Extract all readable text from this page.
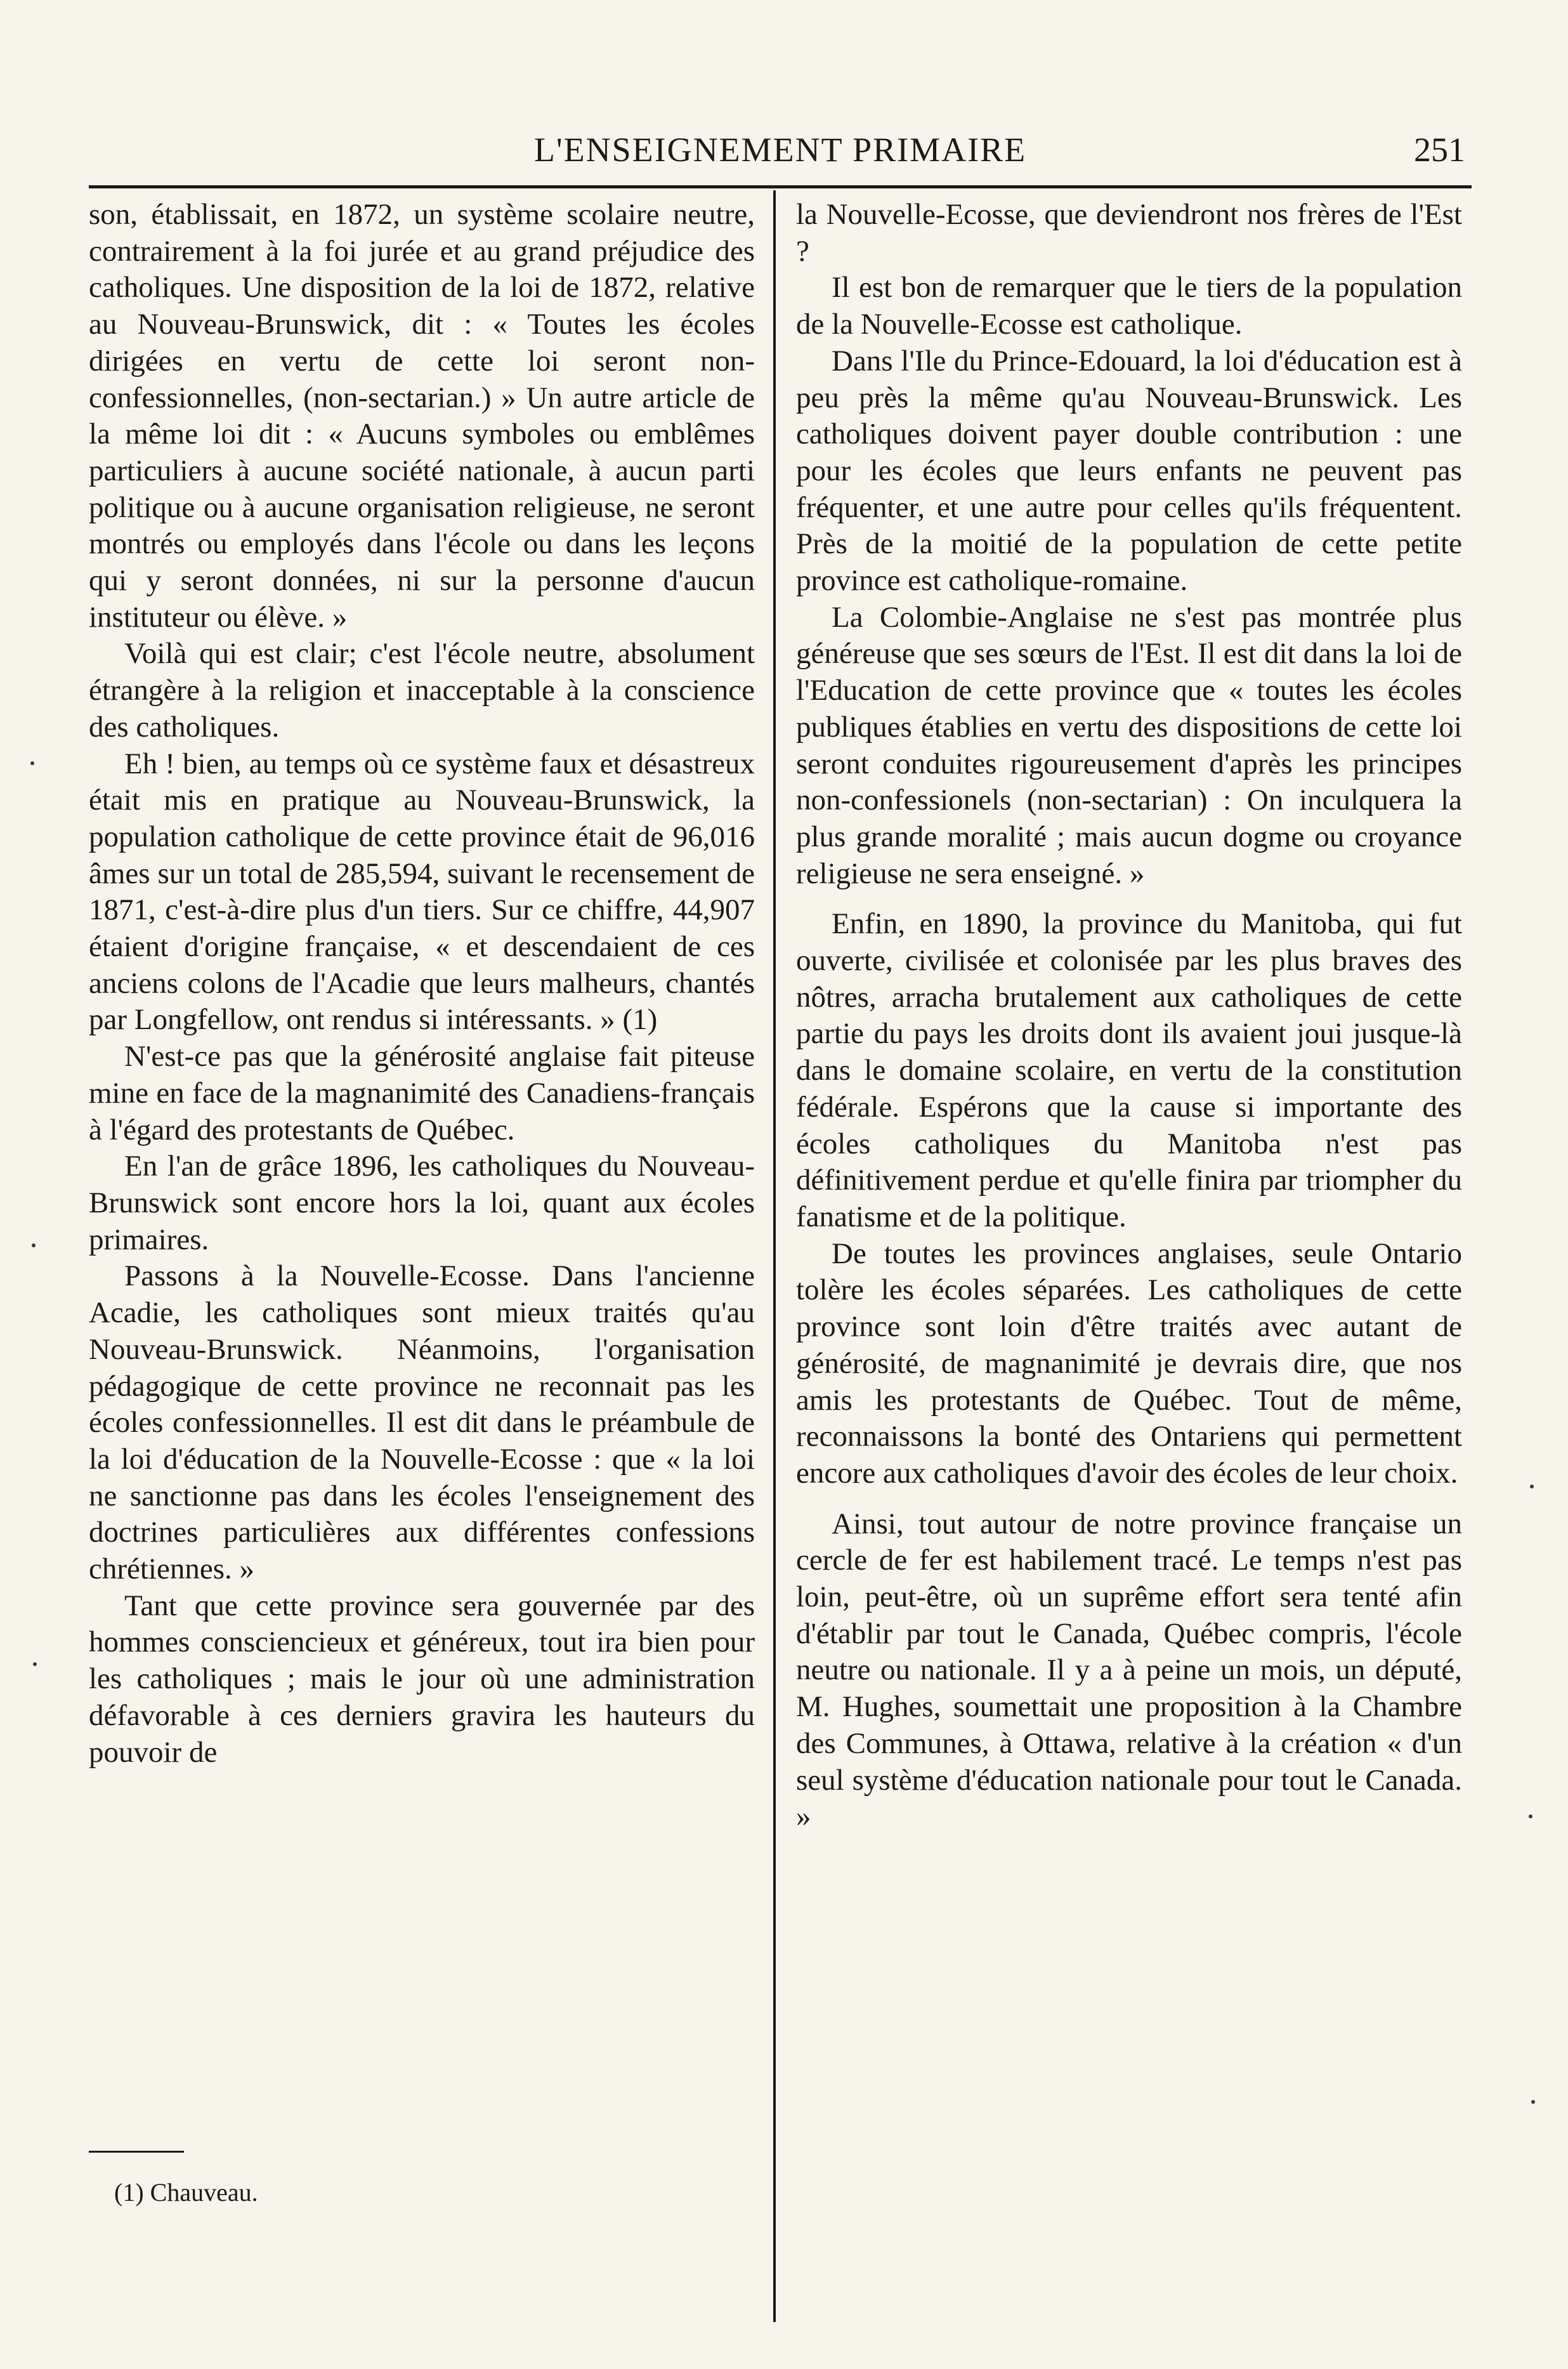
L'ENSEIGNEMENT PRIMAIRE	251

son, établissait, en 1872, un système scolaire neutre, contrairement à la foi jurée et au grand préjudice des catholiques. Une disposition de la loi de 1872, relative au Nouveau-Brunswick, dit : « Toutes les écoles dirigées en vertu de cette loi seront non-confessionnelles, (non-sectarian.) » Un autre article de la même loi dit : « Aucuns symboles ou emblêmes particuliers à aucune société nationale, à aucun parti politique ou à aucune organisation religieuse, ne seront montrés ou employés dans l'école ou dans les leçons qui y seront données, ni sur la personne d'aucun instituteur ou élève. »

Voilà qui est clair; c'est l'école neutre, absolument étrangère à la religion et inacceptable à la conscience des catholiques.

Eh ! bien, au temps où ce système faux et désastreux était mis en pratique au Nouveau-Brunswick, la population catholique de cette province était de 96,016 âmes sur un total de 285,594, suivant le recensement de 1871, c'est-à-dire plus d'un tiers. Sur ce chiffre, 44,907 étaient d'origine française, « et descendaient de ces anciens colons de l'Acadie que leurs malheurs, chantés par Longfellow, ont rendus si intéressants. » (1)

N'est-ce pas que la générosité anglaise fait piteuse mine en face de la magnanimité des Canadiens-français à l'égard des protestants de Québec.

En l'an de grâce 1896, les catholiques du Nouveau-Brunswick sont encore hors la loi, quant aux écoles primaires.

Passons à la Nouvelle-Ecosse. Dans l'ancienne Acadie, les catholiques sont mieux traités qu'au Nouveau-Brunswick. Néanmoins, l'organisation pédagogique de cette province ne reconnait pas les écoles confessionnelles. Il est dit dans le préambule de la loi d'éducation de la Nouvelle-Ecosse : que « la loi ne sanctionne pas dans les écoles l'enseignement des doctrines particulières aux différentes confessions chrétiennes. »

Tant que cette province sera gouvernée par des hommes consciencieux et généreux, tout ira bien pour les catholiques ; mais le jour où une administration défavorable à ces derniers gravira les hauteurs du pouvoir de

la Nouvelle-Ecosse, que deviendront nos frères de l'Est ?

Il est bon de remarquer que le tiers de la population de la Nouvelle-Ecosse est catholique.

Dans l'Ile du Prince-Edouard, la loi d'éducation est à peu près la même qu'au Nouveau-Brunswick. Les catholiques doivent payer double contribution : une pour les écoles que leurs enfants ne peuvent pas fréquenter, et une autre pour celles qu'ils fréquentent. Près de la moitié de la population de cette petite province est catholique-romaine.

La Colombie-Anglaise ne s'est pas montrée plus généreuse que ses sœurs de l'Est. Il est dit dans la loi de l'Education de cette province que « toutes les écoles publiques établies en vertu des dispositions de cette loi seront conduites rigoureusement d'après les principes non-confessionels (non-sectarian) : On inculquera la plus grande moralité ; mais aucun dogme ou croyance religieuse ne sera enseigné. »

Enfin, en 1890, la province du Manitoba, qui fut ouverte, civilisée et colonisée par les plus braves des nôtres, arracha brutalement aux catholiques de cette partie du pays les droits dont ils avaient joui jusque-là dans le domaine scolaire, en vertu de la constitution fédérale. Espérons que la cause si importante des écoles catholiques du Manitoba n'est pas définitivement perdue et qu'elle finira par triompher du fanatisme et de la politique.

De toutes les provinces anglaises, seule Ontario tolère les écoles séparées. Les catholiques de cette province sont loin d'être traités avec autant de générosité, de magnanimité je devrais dire, que nos amis les protestants de Québec. Tout de même, reconnaissons la bonté des Ontariens qui permettent encore aux catholiques d'avoir des écoles de leur choix.

Ainsi, tout autour de notre province française un cercle de fer est habilement tracé. Le temps n'est pas loin, peut-être, où un suprême effort sera tenté afin d'établir par tout le Canada, Québec compris, l'école neutre ou nationale. Il y a à peine un mois, un député, M. Hughes, soumettait une proposition à la Chambre des Communes, à Ottawa, relative à la création « d'un seul système d'éducation nationale pour tout le Canada. »

(1) Chauveau.
